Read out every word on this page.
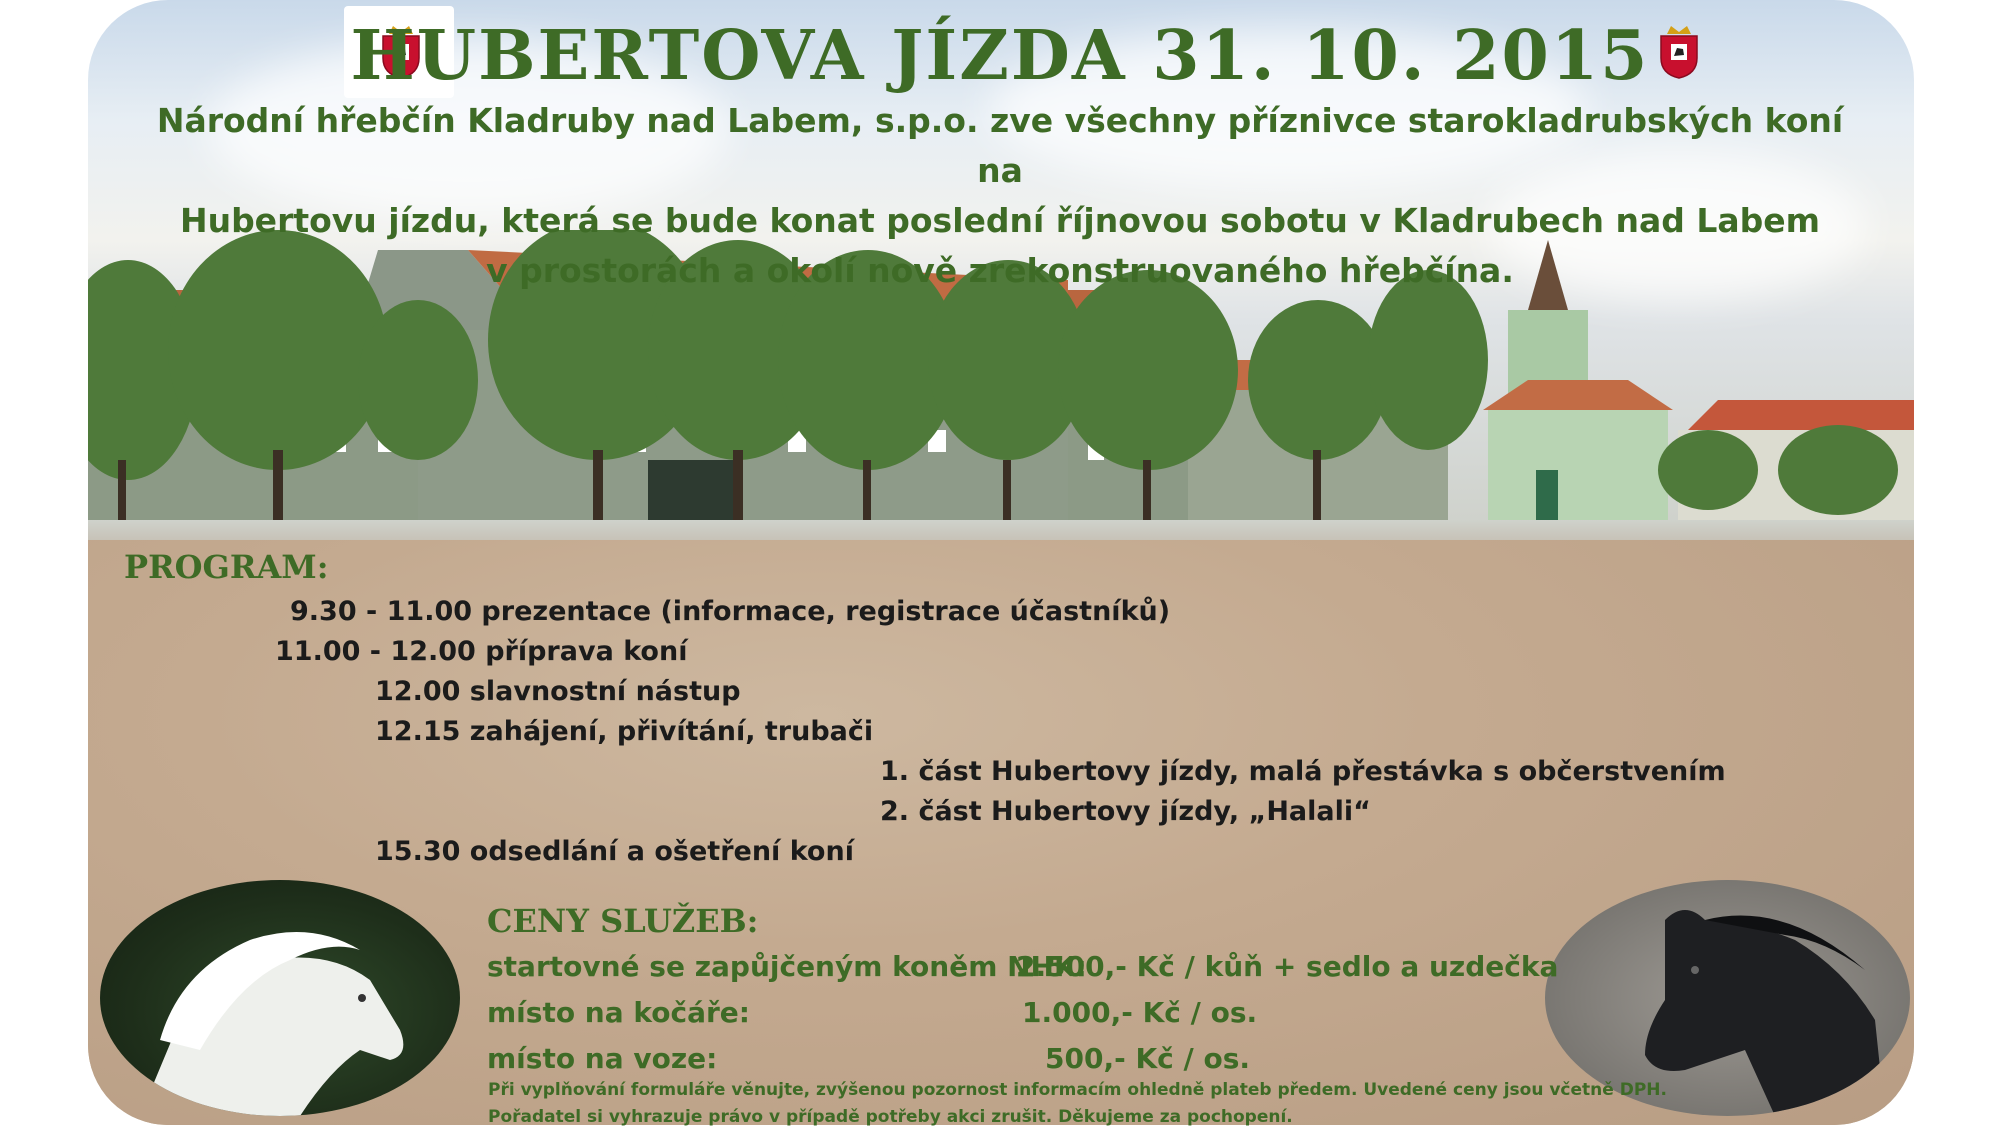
HUBERTOVA JÍZDA 31. 10. 2015
Národní hřebčín Kladruby nad Labem, s.p.o. zve všechny příznivce starokladrubských koní na
Hubertovu jízdu, která se bude konat poslední říjnovou sobotu v Kladrubech nad Labem
v prostorách a okolí nově zrekonstruovaného hřebčína.
PROGRAM:
9.30 - 11.00 prezentace (informace, registrace účastníků)
11.00 - 12.00 příprava koní
12.00 slavnostní nástup
12.15 zahájení, přivítání, trubači
1. část Hubertovy jízdy, malá přestávka s občerstvením
2. část Hubertovy jízdy, „Halali“
15.30 odsedlání a ošetření koní
CENY SLUŽEB:
startovné se zapůjčeným koněm NHK:
2.500,- Kč / kůň + sedlo a uzdečka
místo na kočáře:	1.000,- Kč / os.
místo na voze:	500,- Kč / os.
Při vyplňování formuláře věnujte, zvýšenou pozornost informacím ohledně plateb předem. Uvedené ceny jsou včetně DPH.
Pořadatel si vyhrazuje právo v případě potřeby akci zrušit. Děkujeme za pochopení.
